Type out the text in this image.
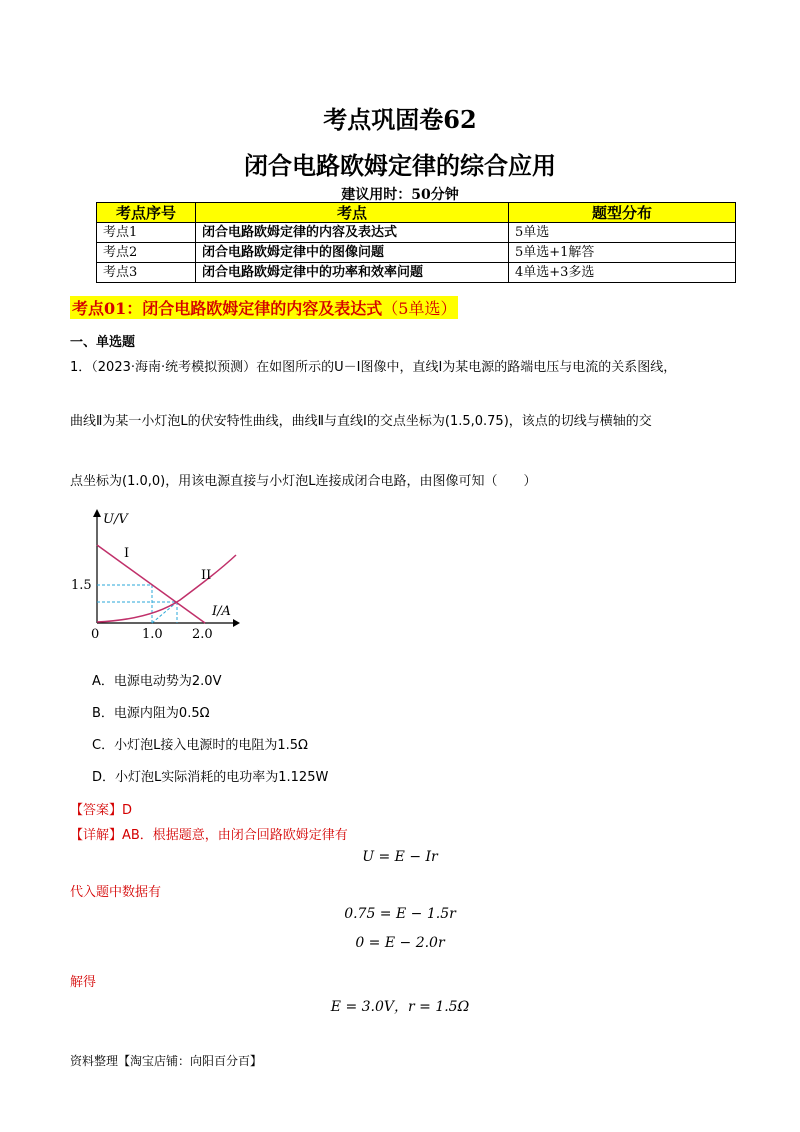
考点巩固卷62
闭合电路欧姆定律的综合应用
建议用时：50分钟
考点序号	考点	题型分布
考点1	闭合电路欧姆定律的内容及表达式	5单选
考点2	闭合电路欧姆定律中的图像问题	5单选+1解答
考点3	闭合电路欧姆定律中的功率和效率问题	4单选+3多选
考点01：闭合电路欧姆定律的内容及表达式（5单选）
一、单选题
1．（2023·海南·统考模拟预测）在如图所示的U－I图像中，直线Ⅰ为某电源的路端电压与电流的关系图线，
曲线Ⅱ为某一小灯泡L的伏安特性曲线，曲线Ⅱ与直线Ⅰ的交点坐标为(1.5,0.75)，该点的切线与横轴的交
点坐标为(1.0,0)，用该电源直接与小灯泡L连接成闭合电路，由图像可知（　　）
U/V
I/A
I
II
1.5
0	1.0 2.0
A．电源电动势为2.0V
B．电源内阻为0.5Ω
C．小灯泡L接入电源时的电阻为1.5Ω
D．小灯泡L实际消耗的电功率为1.125W
【答案】D
【详解】AB．根据题意，由闭合回路欧姆定律有
U = E − Ir
代入题中数据有
0.75 = E − 1.5r
0 = E − 2.0r
解得
E = 3.0V，r = 1.5Ω
资料整理【淘宝店铺：向阳百分百】
